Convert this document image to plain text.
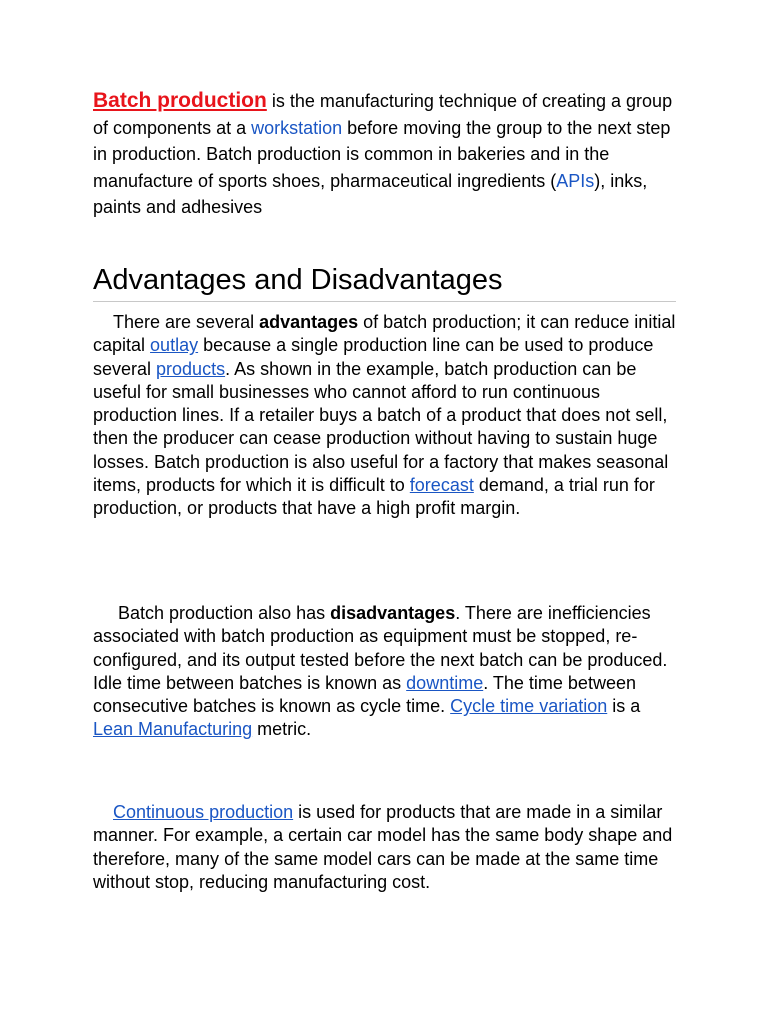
Batch production is the manufacturing technique of creating a group of components at a workstation before moving the group to the next step in production. Batch production is common in bakeries and in the manufacture of sports shoes, pharmaceutical ingredients (APIs), inks, paints and adhesives

Advantages and Disadvantages

There are several advantages of batch production; it can reduce initial capital outlay because a single production line can be used to produce several products. As shown in the example, batch production can be useful for small businesses who cannot afford to run continuous production lines. If a retailer buys a batch of a product that does not sell, then the producer can cease production without having to sustain huge losses. Batch production is also useful for a factory that makes seasonal items, products for which it is difficult to forecast demand, a trial run for production, or products that have a high profit margin.

Batch production also has disadvantages. There are inefficiencies associated with batch production as equipment must be stopped, re-configured, and its output tested before the next batch can be produced. Idle time between batches is known as downtime. The time between consecutive batches is known as cycle time. Cycle time variation is a Lean Manufacturing metric.

Continuous production is used for products that are made in a similar manner. For example, a certain car model has the same body shape and therefore, many of the same model cars can be made at the same time without stop, reducing manufacturing cost.
